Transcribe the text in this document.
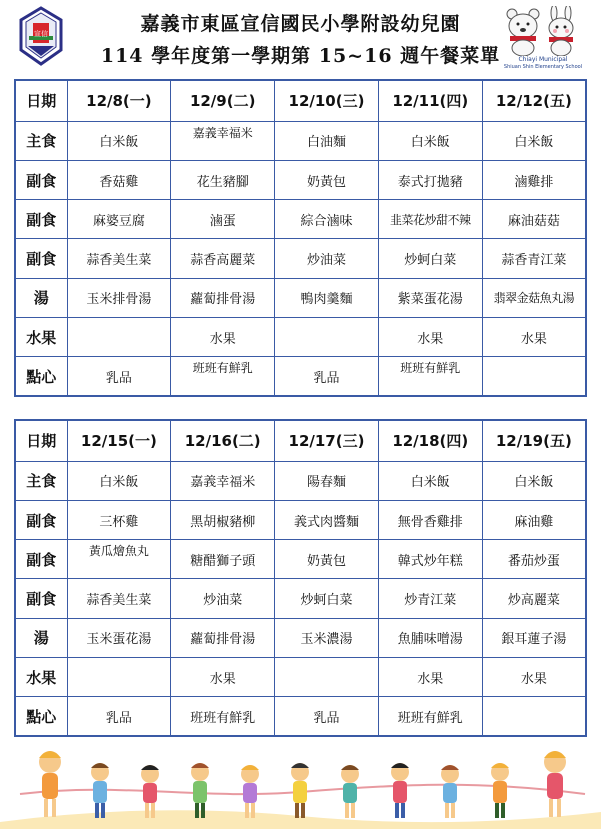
宣信	嘉義市東區宣信國民小學附設幼兒園
114 學年度第一學期第 15~16 週午餐菜單	Chiayi Municipal
Shiuan Shin Elementary School
日期	12/8(一)	12/9(二)	12/10(三)	12/11(四)	12/12(五)
主食	白米飯	嘉義幸福米	白油麵	白米飯	白米飯
副食	香菇雞	花生豬腳	奶黃包	泰式打拋豬	滷雞排
副食	麻婆豆腐	滷蛋	綜合滷味	韭菜花炒甜不辣	麻油菇菇
副食	蒜香美生菜	蒜香高麗菜	炒油菜	炒蚵白菜	蒜香青江菜
湯	玉米排骨湯	蘿蔔排骨湯	鴨肉羹麵	紫菜蛋花湯	翡翠金菇魚丸湯
水果		水果		水果	水果
點心	乳品	班班有鮮乳	乳品	班班有鮮乳	
日期	12/15(一)	12/16(二)	12/17(三)	12/18(四)	12/19(五)
主食	白米飯	嘉義幸福米	陽春麵	白米飯	白米飯
副食	三杯雞	黑胡椒豬柳	義式肉醬麵	無骨香雞排	麻油雞
副食	黃瓜燴魚丸	糖醋獅子頭	奶黃包	韓式炒年糕	番茄炒蛋
副食	蒜香美生菜	炒油菜	炒蚵白菜	炒青江菜	炒高麗菜
湯	玉米蛋花湯	蘿蔔排骨湯	玉米濃湯	魚脯味噌湯	銀耳蓮子湯
水果		水果		水果	水果
點心	乳品	班班有鮮乳	乳品	班班有鮮乳	
